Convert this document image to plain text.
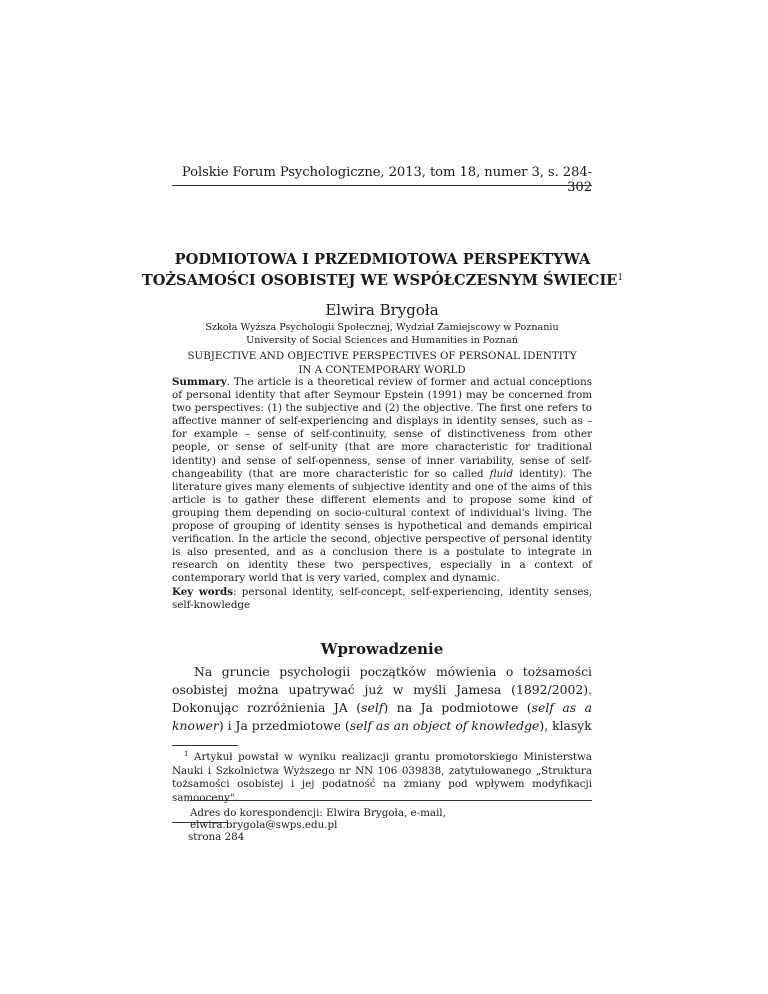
Polskie Forum Psychologiczne, 2013, tom 18, numer 3, s. 284-302
PODMIOTOWA I PRZEDMIOTOWA PERSPEKTYWA
TOŻSAMOŚCI OSOBISTEJ WE WSPÓŁCZESNYM ŚWIECIE$^1$
Elwira Brygoła
Szkoła Wyższa Psychologii Społecznej, Wydział Zamiejscowy w Poznaniu
University of Social Sciences and Humanities in Poznań
SUBJECTIVE AND OBJECTIVE PERSPECTIVES OF PERSONAL IDENTITY
IN A CONTEMPORARY WORLD

Summary. The article is a theoretical review of former and actual conceptions of personal identity that after Seymour Epstein (1991) may be concerned from two perspectives: (1) the subjective and (2) the objective. The first one refers to affective manner of self-experiencing and displays in identity senses, such as – for example – sense of self-continuity, sense of distinctiveness from other people, or sense of self-unity (that are more characteristic for traditional identity) and sense of self-openness, sense of inner variability, sense of self-changeability (that are more characteristic for so called fluid identity). The literature gives many elements of subjective identity and one of the aims of this article is to gather these different elements and to propose some kind of grouping them depending on socio-cultural context of individual's living. The propose of grouping of identity senses is hypothetical and demands empirical verification. In the article the second, objective perspective of personal identity is also presented, and as a conclusion there is a postulate to integrate in research on identity these two perspectives, especially in a context of contemporary world that is very varied, complex and dynamic.

Key words: personal identity, self-concept, self-experiencing, identity senses, self-knowledge

Wprowadzenie

Na gruncie psychologii początków mówienia o tożsamości osobistej można upatrywać już w myśli Jamesa (1892/2002). Dokonując rozróżnienia JA (self) na Ja podmiotowe (self as a knower) i Ja przedmiotowe (self as an object of knowledge), klasyk

$^1$ Artykuł powstał w wyniku realizacji grantu promotorskiego Ministerstwa Nauki i Szkolnictwa Wyższego nr NN 106 039838, zatytułowanego „Struktura tożsamości osobistej i jej podatność na zmiany pod wpływem modyfikacji samooceny".

Adres do korespondencji: Elwira Brygoła, e-mail, elwira.brygola@swps.edu.pl
strona 284
